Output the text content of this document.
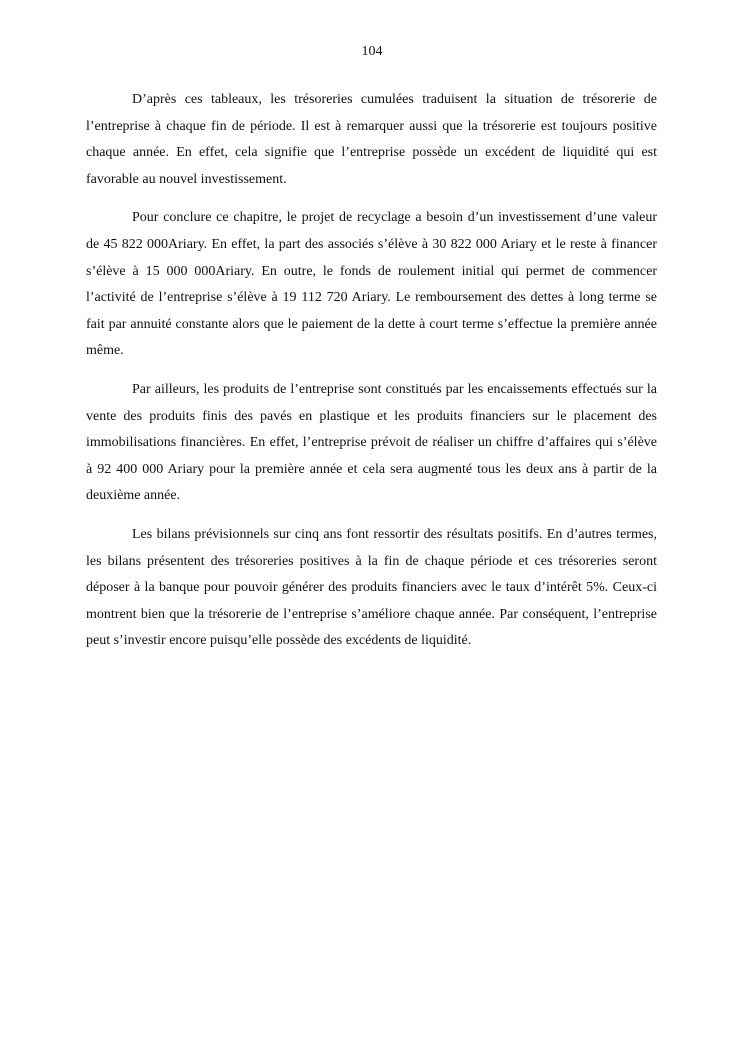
104

D’après ces tableaux, les trésoreries cumulées traduisent la situation de trésorerie de l’entreprise à chaque fin de période. Il est à remarquer aussi que la trésorerie est toujours positive chaque année. En effet, cela signifie que l’entreprise possède un excédent de liquidité qui est favorable au nouvel investissement.

Pour conclure ce chapitre, le projet de recyclage a besoin d’un investissement d’une valeur de 45 822 000Ariary. En effet, la part des associés s’élève à 30 822 000 Ariary et le reste à financer s’élève à 15 000 000Ariary. En outre, le fonds de roulement initial qui permet de commencer l’activité de l’entreprise s’élève à 19 112 720 Ariary. Le remboursement des dettes à long terme se fait par annuité constante alors que le paiement de la dette à court terme s’effectue la première année même.

Par ailleurs, les produits de l’entreprise sont constitués par les encaissements effectués sur la vente des produits finis des pavés en plastique et les produits financiers sur le placement des immobilisations financières. En effet, l’entreprise prévoit de réaliser un chiffre d’affaires qui s’élève à 92 400 000 Ariary pour la première année et cela sera augmenté tous les deux ans à partir de la deuxième année.

Les bilans prévisionnels sur cinq ans font ressortir des résultats positifs. En d’autres termes, les bilans présentent des trésoreries positives à la fin de chaque période et ces trésoreries seront déposer à la banque pour pouvoir générer des produits financiers avec le taux d’intérêt 5%. Ceux-ci montrent bien que la trésorerie de l’entreprise s’améliore chaque année. Par conséquent, l’entreprise peut s’investir encore puisqu’elle possède des excédents de liquidité.
